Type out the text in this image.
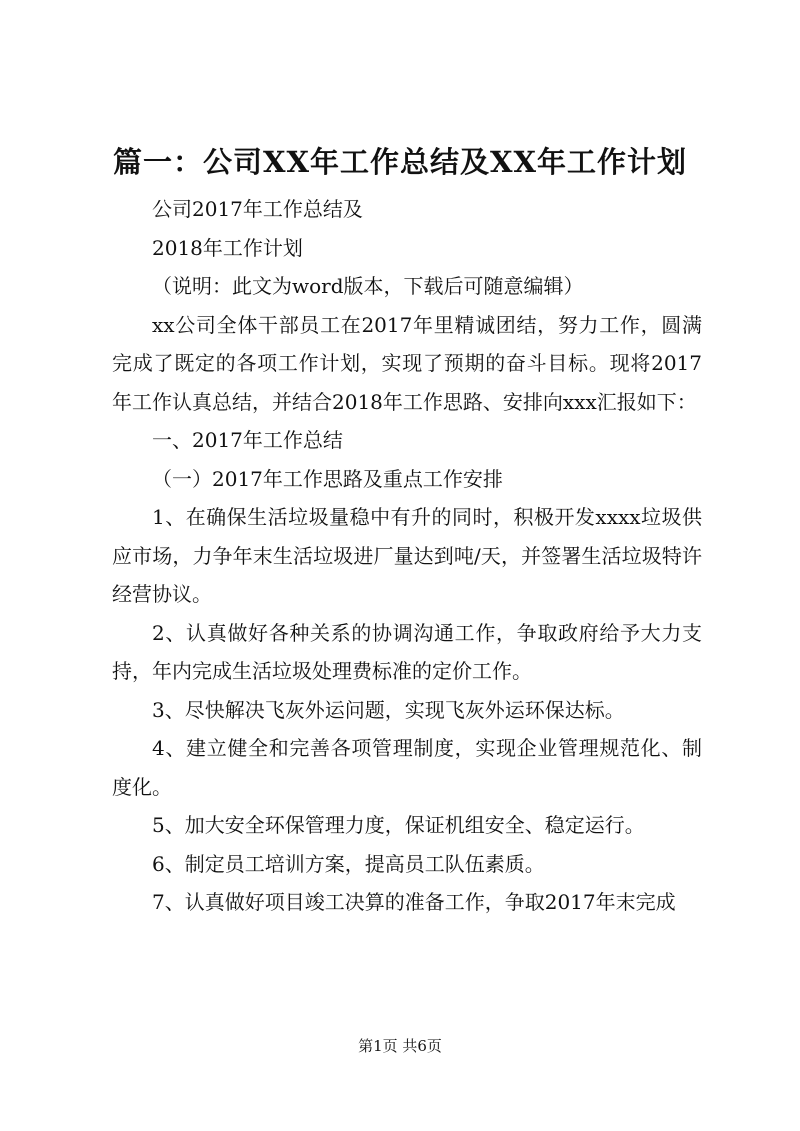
篇一：公司XX年工作总结及XX年工作计划

公司2017年工作总结及

2018年工作计划

（说明：此文为word版本，下载后可随意编辑）

xx公司全体干部员工在2017年里精诚团结，努力工作，圆满完成了既定的各项工作计划，实现了预期的奋斗目标。现将2017年工作认真总结，并结合2018年工作思路、安排向xxx汇报如下：

一、2017年工作总结

（一）2017年工作思路及重点工作安排

1、在确保生活垃圾量稳中有升的同时，积极开发xxxx垃圾供应市场，力争年末生活垃圾进厂量达到吨/天，并签署生活垃圾特许经营协议。

2、认真做好各种关系的协调沟通工作，争取政府给予大力支持，年内完成生活垃圾处理费标准的定价工作。

3、尽快解决飞灰外运问题，实现飞灰外运环保达标。

4、建立健全和完善各项管理制度，实现企业管理规范化、制度化。

5、加大安全环保管理力度，保证机组安全、稳定运行。

6、制定员工培训方案，提高员工队伍素质。

7、认真做好项目竣工决算的准备工作，争取2017年末完成

第1页 共6页
